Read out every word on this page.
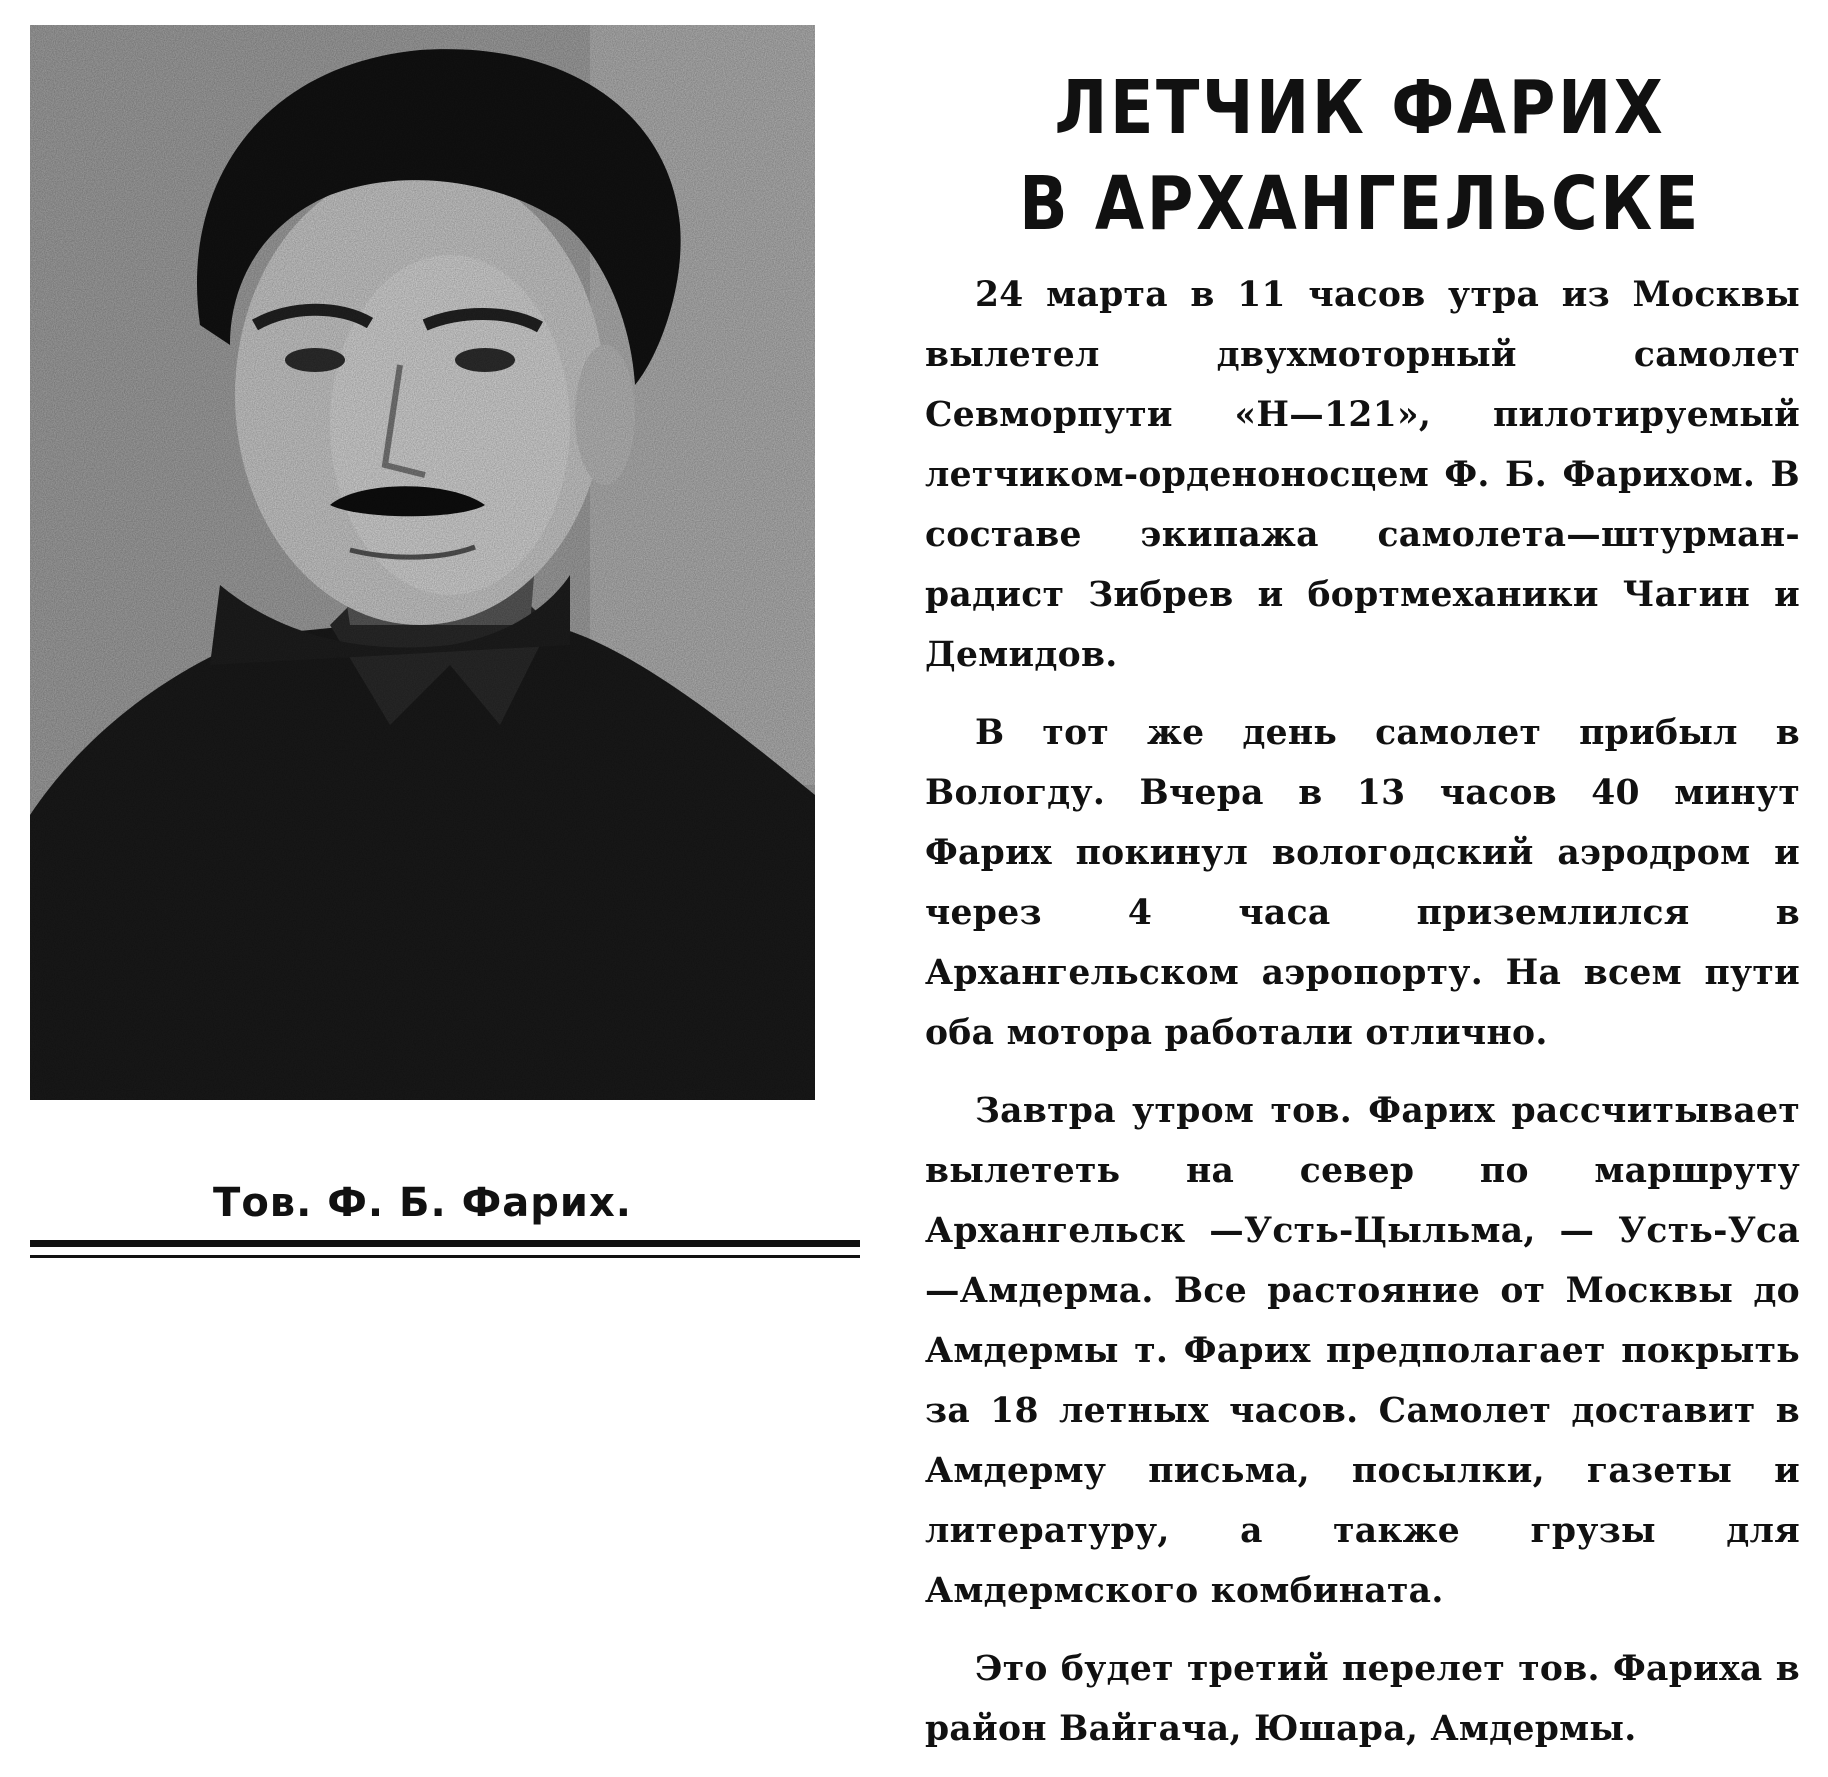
Тов. Ф. Б. Фарих.
ЛЕТЧИК ФАРИХ
В АРХАНГЕЛЬСКЕ

24 марта в 11 часов утра из Москвы вылетел двухмоторный самолет Севморпути «Н—121», пилотируемый летчиком-орденоносцем Ф. Б. Фарихом. В составе экипажа самолета—штурман-радист Зибрев и бортмеханики Чагин и Демидов.

В тот же день самолет прибыл в Вологду. Вчера в 13 часов 40 минут Фарих покинул вологодский аэродром и через 4 часа приземлился в Архангельском аэропорту. На всем пути оба мотора работали отлично.

Завтра утром тов. Фарих рассчитывает вылететь на север по маршруту Архангельск —Усть-Цыльма, — Усть-Уса —Амдерма. Все растояние от Москвы до Амдермы т. Фарих предполагает покрыть за 18 летных часов. Самолет доставит в Амдерму письма, посылки, газеты и литературу, а также грузы для Амдермского комбината.

Это будет третий перелет тов. Фариха в район Вайгача, Юшара, Амдермы.
